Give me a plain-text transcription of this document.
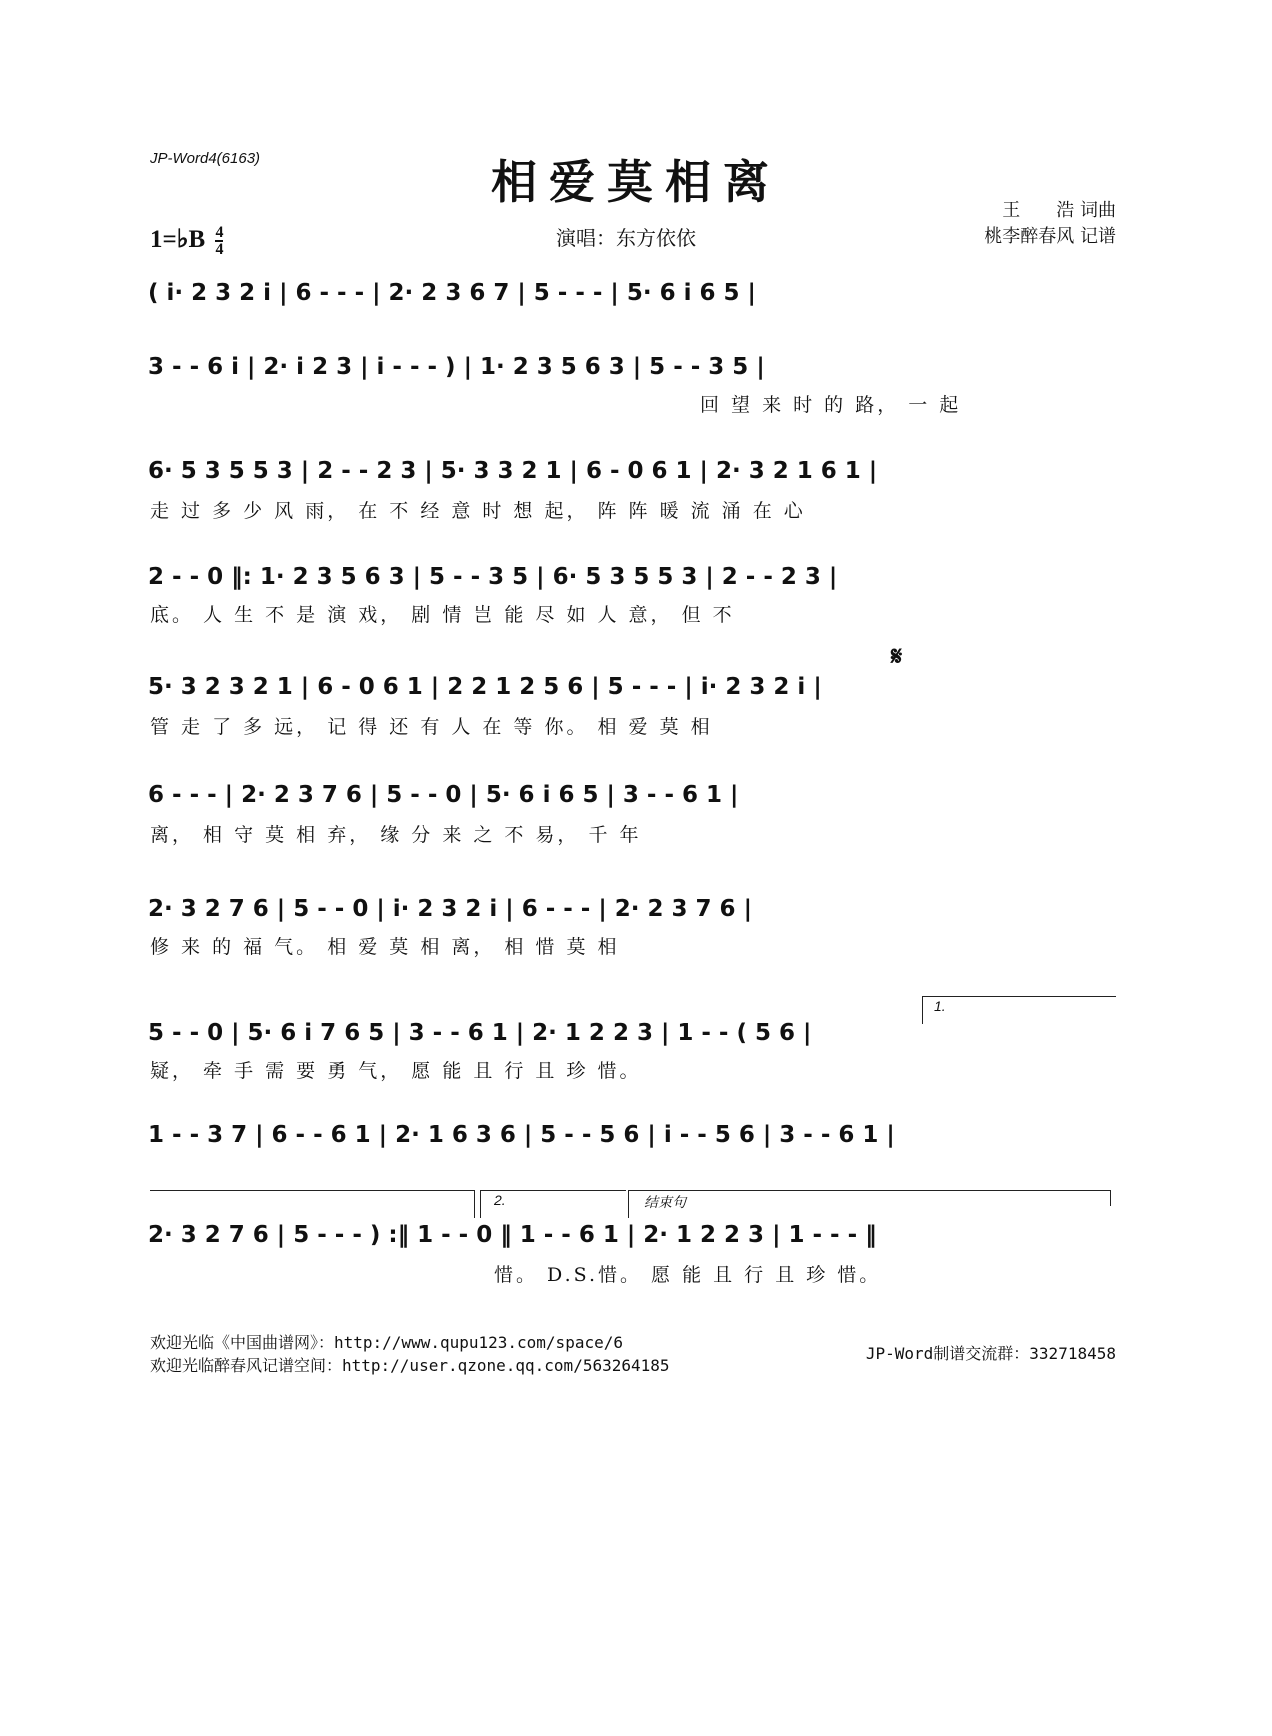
JP-Word4(6163)	相爱莫相离
1=♭B $\frac{4}{4}$	演唱：东方依依
王　　浩 词曲
桃李醉春风 记谱
( i· 2 3 2 i | 6 - - - | 2· 2 3 6 7 | 5 - - - | 5· 6 i 6 5 |
3 - - 6 i | 2· i 2 3 | i - - - ) | 1· 2 3 5 6 3 | 5 - - 3 5 |
回 望 来 时 的 路， 一 起
6· 5 3 5 5 3 | 2 - - 2 3 | 5· 3 3 2 1 | 6 - 0 6 1 | 2· 3 2 1 6 1 |
走 过 多 少 风 雨， 在 不 经 意 时 想 起， 阵 阵 暖 流 涌 在 心
2 - - 0 ‖: 1· 2 3 5 6 3 | 5 - - 3 5 | 6· 5 3 5 5 3 | 2 - - 2 3 |
底。 人 生 不 是 演 戏， 剧 情 岂 能 尽 如 人 意， 但 不
𝄋
5· 3 2 3 2 1 | 6 - 0 6 1 | 2 2 1 2 5 6 | 5 - - - | i· 2 3 2 i |
管 走 了 多 远， 记 得 还 有 人 在 等 你。 相 爱 莫 相
6 - - - | 2· 2 3 7 6 | 5 - - 0 | 5· 6 i 6 5 | 3 - - 6 1 |
离， 相 守 莫 相 弃， 缘 分 来 之 不 易， 千 年
2· 3 2 7 6 | 5 - - 0 | i· 2 3 2 i | 6 - - - | 2· 2 3 7 6 |
修 来 的 福 气。 相 爱 莫 相 离， 相 惜 莫 相
1.
5 - - 0 | 5· 6 i 7 6 5 | 3 - - 6 1 | 2· 1 2 2 3 | 1 - - ( 5 6 |
疑， 牵 手 需 要 勇 气， 愿 能 且 行 且 珍 惜。
1 - - 3 7 | 6 - - 6 1 | 2· 1 6 3 6 | 5 - - 5 6 | i - - 5 6 | 3 - - 6 1 |
2.	结束句
2· 3 2 7 6 | 5 - - - ) :‖ 1 - - 0 ‖ 1 - - 6 1 | 2· 1 2 2 3 | 1 - - - ‖
惜。 D.S.惜。 愿 能 且 行 且 珍 惜。
欢迎光临《中国曲谱网》：http://www.qupu123.com/space/6
欢迎光临醉春风记谱空间：http://user.qzone.qq.com/563264185
JP-Word制谱交流群：332718458
